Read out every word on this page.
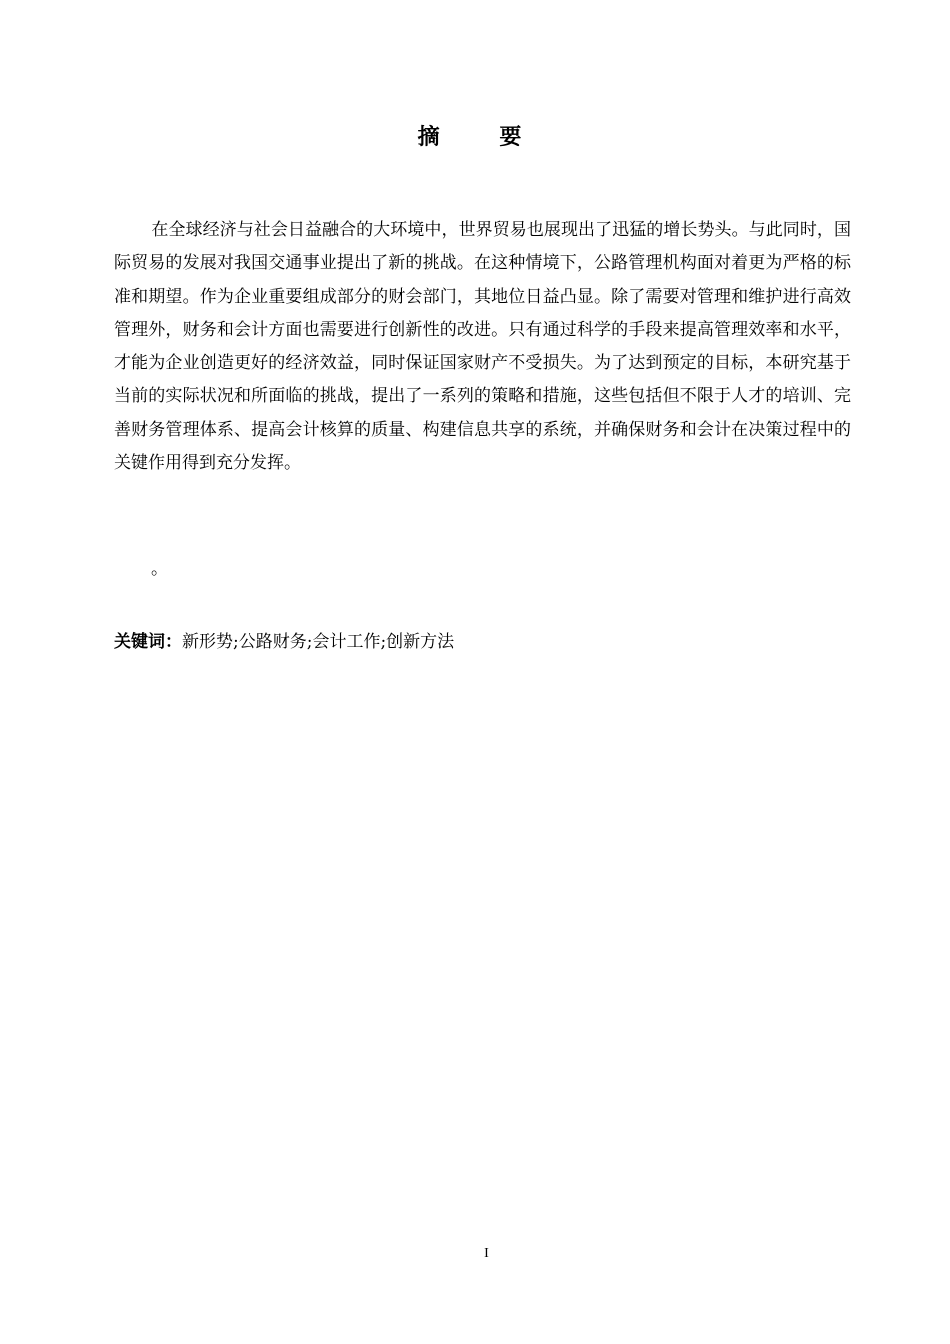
摘 要

在全球经济与社会日益融合的大环境中，世界贸易也展现出了迅猛的增长势头。与此同时，国际贸易的发展对我国交通事业提出了新的挑战。在这种情境下，公路管理机构面对着更为严格的标准和期望。作为企业重要组成部分的财会部门，其地位日益凸显。除了需要对管理和维护进行高效管理外，财务和会计方面也需要进行创新性的改进。只有通过科学的手段来提高管理效率和水平，才能为企业创造更好的经济效益，同时保证国家财产不受损失。为了达到预定的目标，本研究基于当前的实际状况和所面临的挑战，提出了一系列的策略和措施，这些包括但不限于人才的培训、完善财务管理体系、提高会计核算的质量、构建信息共享的系统，并确保财务和会计在决策过程中的关键作用得到充分发挥。

。
关键词：新形势;公路财务;会计工作;创新方法
I
